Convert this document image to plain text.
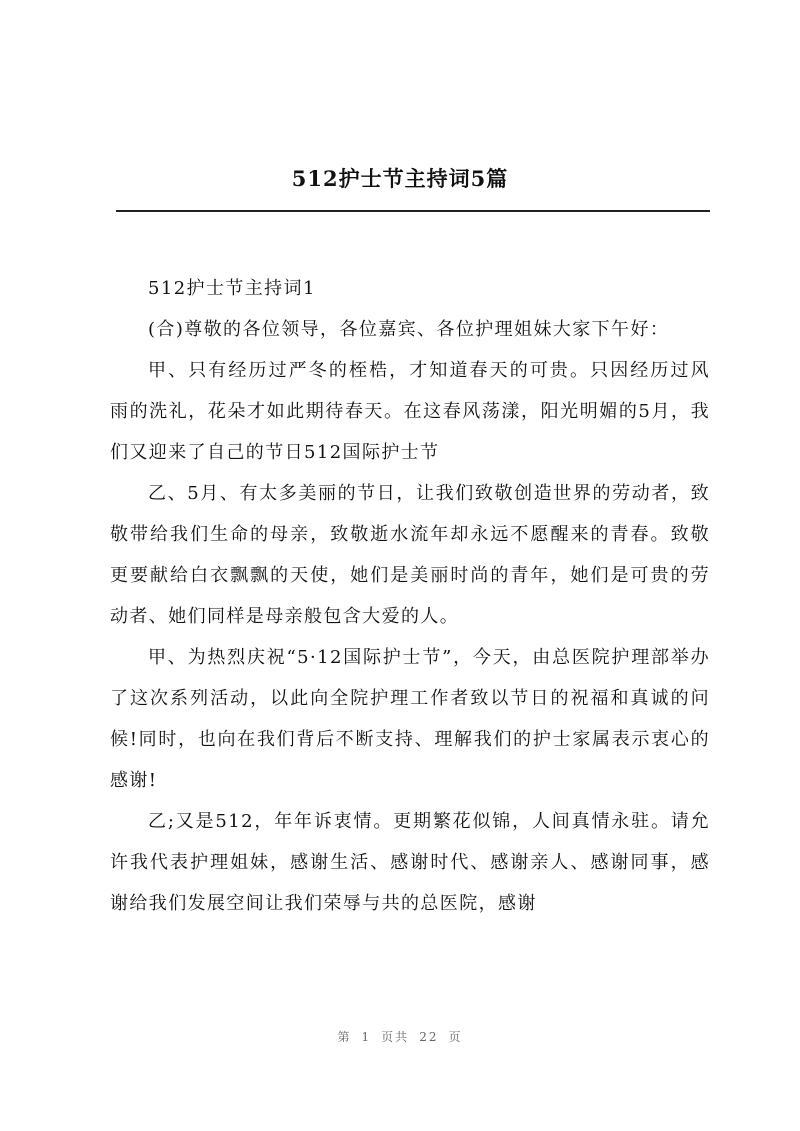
512护士节主持词5篇

512护士节主持词1

(合)尊敬的各位领导，各位嘉宾、各位护理姐妹大家下午好：

甲、只有经历过严冬的桎梏，才知道春天的可贵。只因经历过风雨的洗礼，花朵才如此期待春天。在这春风荡漾，阳光明媚的5月，我们又迎来了自己的节日512国际护士节

乙、5月、有太多美丽的节日，让我们致敬创造世界的劳动者，致敬带给我们生命的母亲，致敬逝水流年却永远不愿醒来的青春。致敬更要献给白衣飘飘的天使，她们是美丽时尚的青年，她们是可贵的劳动者、她们同样是母亲般包含大爱的人。

甲、为热烈庆祝“5·12国际护士节”，今天，由总医院护理部举办了这次系列活动，以此向全院护理工作者致以节日的祝福和真诚的问候!同时，也向在我们背后不断支持、理解我们的护士家属表示衷心的感谢!

乙;又是512，年年诉衷情。更期繁花似锦，人间真情永驻。请允许我代表护理姐妹，感谢生活、感谢时代、感谢亲人、感谢同事，感谢给我们发展空间让我们荣辱与共的总医院，感谢

第 1 页共 22 页
